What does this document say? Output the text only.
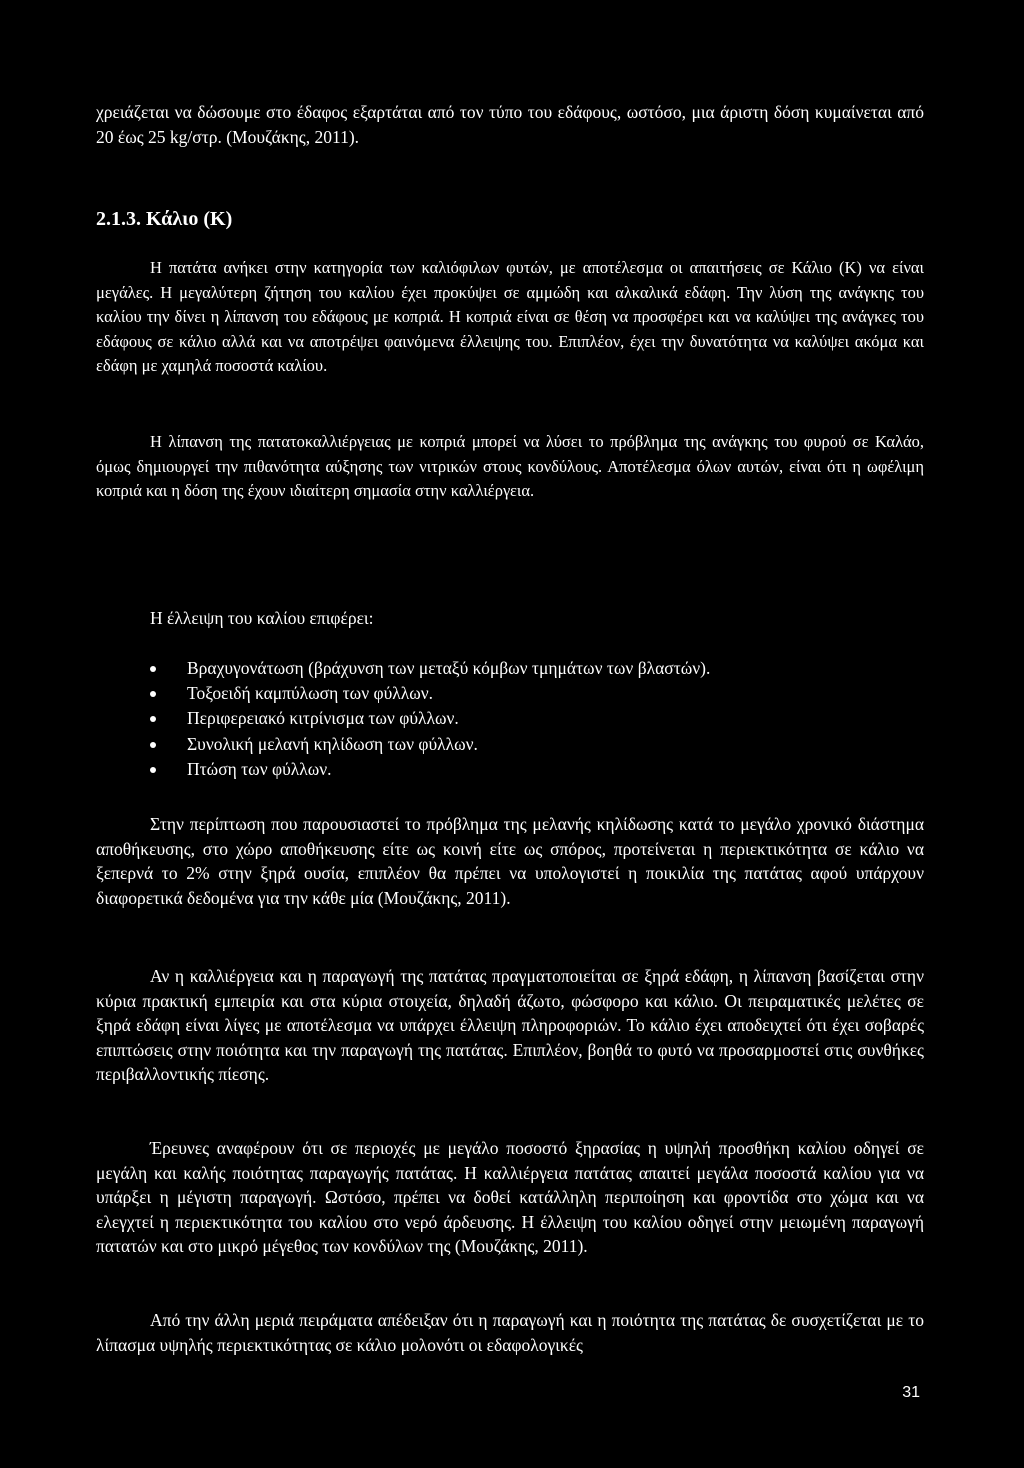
χρειάζεται να δώσουμε στο έδαφος εξαρτάται από τον τύπο του εδάφους, ωστόσο, μια άριστη δόση κυμαίνεται από 20 έως 25 kg/στρ. (Μουζάκης, 2011).

2.1.3. Κάλιο (Κ)

Η πατάτα ανήκει στην κατηγορία των καλιόφιλων φυτών, με αποτέλεσμα οι απαιτήσεις σε Κάλιο (Κ) να είναι μεγάλες. Η μεγαλύτερη ζήτηση του καλίου έχει προκύψει σε αμμώδη και αλκαλικά εδάφη. Την λύση της ανάγκης του καλίου την δίνει η λίπανση του εδάφους με κοπριά. Η κοπριά είναι σε θέση να προσφέρει και να καλύψει της ανάγκες του εδάφους σε κάλιο αλλά και να αποτρέψει φαινόμενα έλλειψης του. Επιπλέον, έχει την δυνατότητα να καλύψει ακόμα και εδάφη με χαμηλά ποσοστά καλίου.

Η λίπανση της πατατοκαλλιέργειας με κοπριά μπορεί να λύσει το πρόβλημα της ανάγκης του φυρού σε Καλάο, όμως δημιουργεί την πιθανότητα αύξησης των νιτρικών στους κονδύλους. Αποτέλεσμα όλων αυτών, είναι ότι η ωφέλιμη κοπριά και η δόση της έχουν ιδιαίτερη σημασία στην καλλιέργεια.

Η έλλειψη του καλίου επιφέρει:
Βραχυγονάτωση (βράχυνση των μεταξύ κόμβων τμημάτων των βλαστών).
Τοξοειδή καμπύλωση των φύλλων.
Περιφερειακό κιτρίνισμα των φύλλων.
Συνολική μελανή κηλίδωση των φύλλων.
Πτώση των φύλλων.

Στην περίπτωση που παρουσιαστεί το πρόβλημα της μελανής κηλίδωσης κατά το μεγάλο χρονικό διάστημα αποθήκευσης, στο χώρο αποθήκευσης είτε ως κοινή είτε ως σπόρος, προτείνεται η περιεκτικότητα σε κάλιο να ξεπερνά το 2% στην ξηρά ουσία, επιπλέον θα πρέπει να υπολογιστεί η ποικιλία της πατάτας αφού υπάρχουν διαφορετικά δεδομένα για την κάθε μία (Μουζάκης, 2011).

Αν η καλλιέργεια και η παραγωγή της πατάτας πραγματοποιείται σε ξηρά εδάφη, η λίπανση βασίζεται στην κύρια πρακτική εμπειρία και στα κύρια στοιχεία, δηλαδή άζωτο, φώσφορο και κάλιο. Οι πειραματικές μελέτες σε ξηρά εδάφη είναι λίγες με αποτέλεσμα να υπάρχει έλλειψη πληροφοριών. Το κάλιο έχει αποδειχτεί ότι έχει σοβαρές επιπτώσεις στην ποιότητα και την παραγωγή της πατάτας. Επιπλέον, βοηθά το φυτό να προσαρμοστεί στις συνθήκες περιβαλλοντικής πίεσης.

Έρευνες αναφέρουν ότι σε περιοχές με μεγάλο ποσοστό ξηρασίας η υψηλή προσθήκη καλίου οδηγεί σε μεγάλη και καλής ποιότητας παραγωγής πατάτας. Η καλλιέργεια πατάτας απαιτεί μεγάλα ποσοστά καλίου για να υπάρξει η μέγιστη παραγωγή. Ωστόσο, πρέπει να δοθεί κατάλληλη περιποίηση και φροντίδα στο χώμα και να ελεγχτεί η περιεκτικότητα του καλίου στο νερό άρδευσης. Η έλλειψη του καλίου οδηγεί στην μειωμένη παραγωγή πατατών και στο μικρό μέγεθος των κονδύλων της (Μουζάκης, 2011).

Από την άλλη μεριά πειράματα απέδειξαν ότι η παραγωγή και η ποιότητα της πατάτας δε συσχετίζεται με το λίπασμα υψηλής περιεκτικότητας σε κάλιο μολονότι οι εδαφολογικές

31
